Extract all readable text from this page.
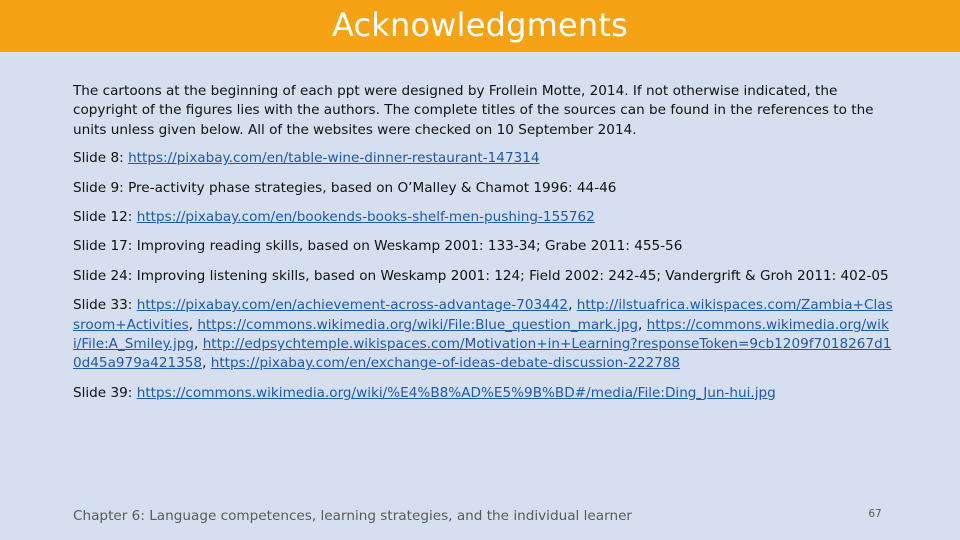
Acknowledgments

The cartoons at the beginning of each ppt were designed by Frollein Motte, 2014. If not otherwise indicated, the copyright of the figures lies with the authors. The complete titles of the sources can be found in the references to the units unless given below. All of the websites were checked on 10 September 2014.

Slide 8: https://pixabay.com/en/table-wine-dinner-restaurant-147314

Slide 9: Pre-activity phase strategies, based on O’Malley & Chamot 1996: 44-46

Slide 12: https://pixabay.com/en/bookends-books-shelf-men-pushing-155762

Slide 17: Improving reading skills, based on Weskamp 2001: 133-34; Grabe 2011: 455-56

Slide 24: Improving listening skills, based on Weskamp 2001: 124; Field 2002: 242-45; Vandergrift & Groh 2011: 402-05

Slide 33: https://pixabay.com/en/achievement-across-advantage-703442, http://ilstuafrica.wikispaces.com/Zambia+Classroom+Activities, https://commons.wikimedia.org/wiki/File:Blue_question_mark.jpg, https://commons.wikimedia.org/wiki/File:A_Smiley.jpg, http://edpsychtemple.wikispaces.com/Motivation+in+Learning?responseToken=9cb1209f7018267d10d45a979a421358, https://pixabay.com/en/exchange-of-ideas-debate-discussion-222788

Slide 39: https://commons.wikimedia.org/wiki/%E4%B8%AD%E5%9B%BD#/media/File:Ding_Jun-hui.jpg

Chapter 6: Language competences, learning strategies, and the individual learner	67
